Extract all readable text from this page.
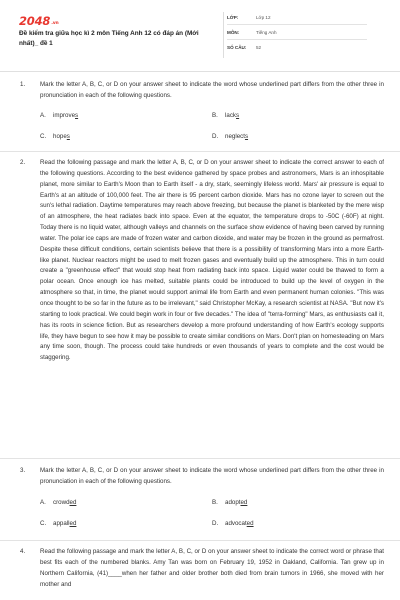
2048.vn
Đề kiểm tra giữa học kì 2 môn Tiếng Anh 12 có đáp án (Mới nhất)_ đề 1
LỚP:	Lớp 12
MÔN:	Tiếng Anh
SỐ CÂU: 52
1. Mark the letter A, B, C, or D on your answer sheet to indicate the word whose underlined part differs from the other three in pronunciation in each of the following questions.
A. improves	B. lacks
C. hopes	D. neglects
2. Read the following passage and mark the letter A, B, C, or D on your answer sheet to indicate the correct answer to each of the following questions. According to the best evidence gathered by space probes and astronomers, Mars is an inhospitable planet, more similar to Earth's Moon than to Earth itself - a dry, stark, seemingly lifeless world. Mars' air pressure is equal to Earth's at an altitude of 100,000 feet. The air there is 95 percent carbon dioxide. Mars has no ozone layer to screen out the sun's lethal radiation. Daytime temperatures may reach above freezing, but because the planet is blanketed by the mere wisp of an atmosphere, the heat radiates back into space. Even at the equator, the temperature drops to -50C (-60F) at night. Today there is no liquid water, although valleys and channels on the surface show evidence of having been carved by running water. The polar ice caps are made of frozen water and carbon dioxide, and water may be frozen in the ground as permafrost. Despite these difficult conditions, certain scientists believe that there is a possibility of transforming Mars into a more Earth-like planet. Nuclear reactors might be used to melt frozen gases and eventually build up the atmosphere. This in turn could create a "greenhouse effect" that would stop heat from radiating back into space. Liquid water could be thawed to form a polar ocean. Once enough ice has melted, suitable plants could be introduced to build up the level of oxygen in the atmosphere so that, in time, the planet would support animal life from Earth and even permanent human colonies. "This was once thought to be so far in the future as to be irrelevant," said Christopher McKay, a research scientist at NASA. "But now it's starting to look practical. We could begin work in four or five decades." The idea of "terra-forming" Mars, as enthusiasts call it, has its roots in science fiction. But as researchers develop a more profound understanding of how Earth's ecology supports life, they have begun to see how it may be possible to create similar conditions on Mars. Don't plan on homesteading on Mars any time soon, though. The process could take hundreds or even thousands of years to complete and the cost would be staggering.
3. Mark the letter A, B, C, or D on your answer sheet to indicate the word whose underlined part differs from the other three in pronunciation in each of the following questions.
A. crowded	B. adopted
C. appalled	D. advocated
4. Read the following passage and mark the letter A, B, C, or D on your answer sheet to indicate the correct word or phrase that best fits each of the numbered blanks. Amy Tan was born on February 19, 1952 in Oakland, California. Tan grew up in Northern California, (41)____when her father and older brother both died from brain tumors in 1966, she moved with her mother and
